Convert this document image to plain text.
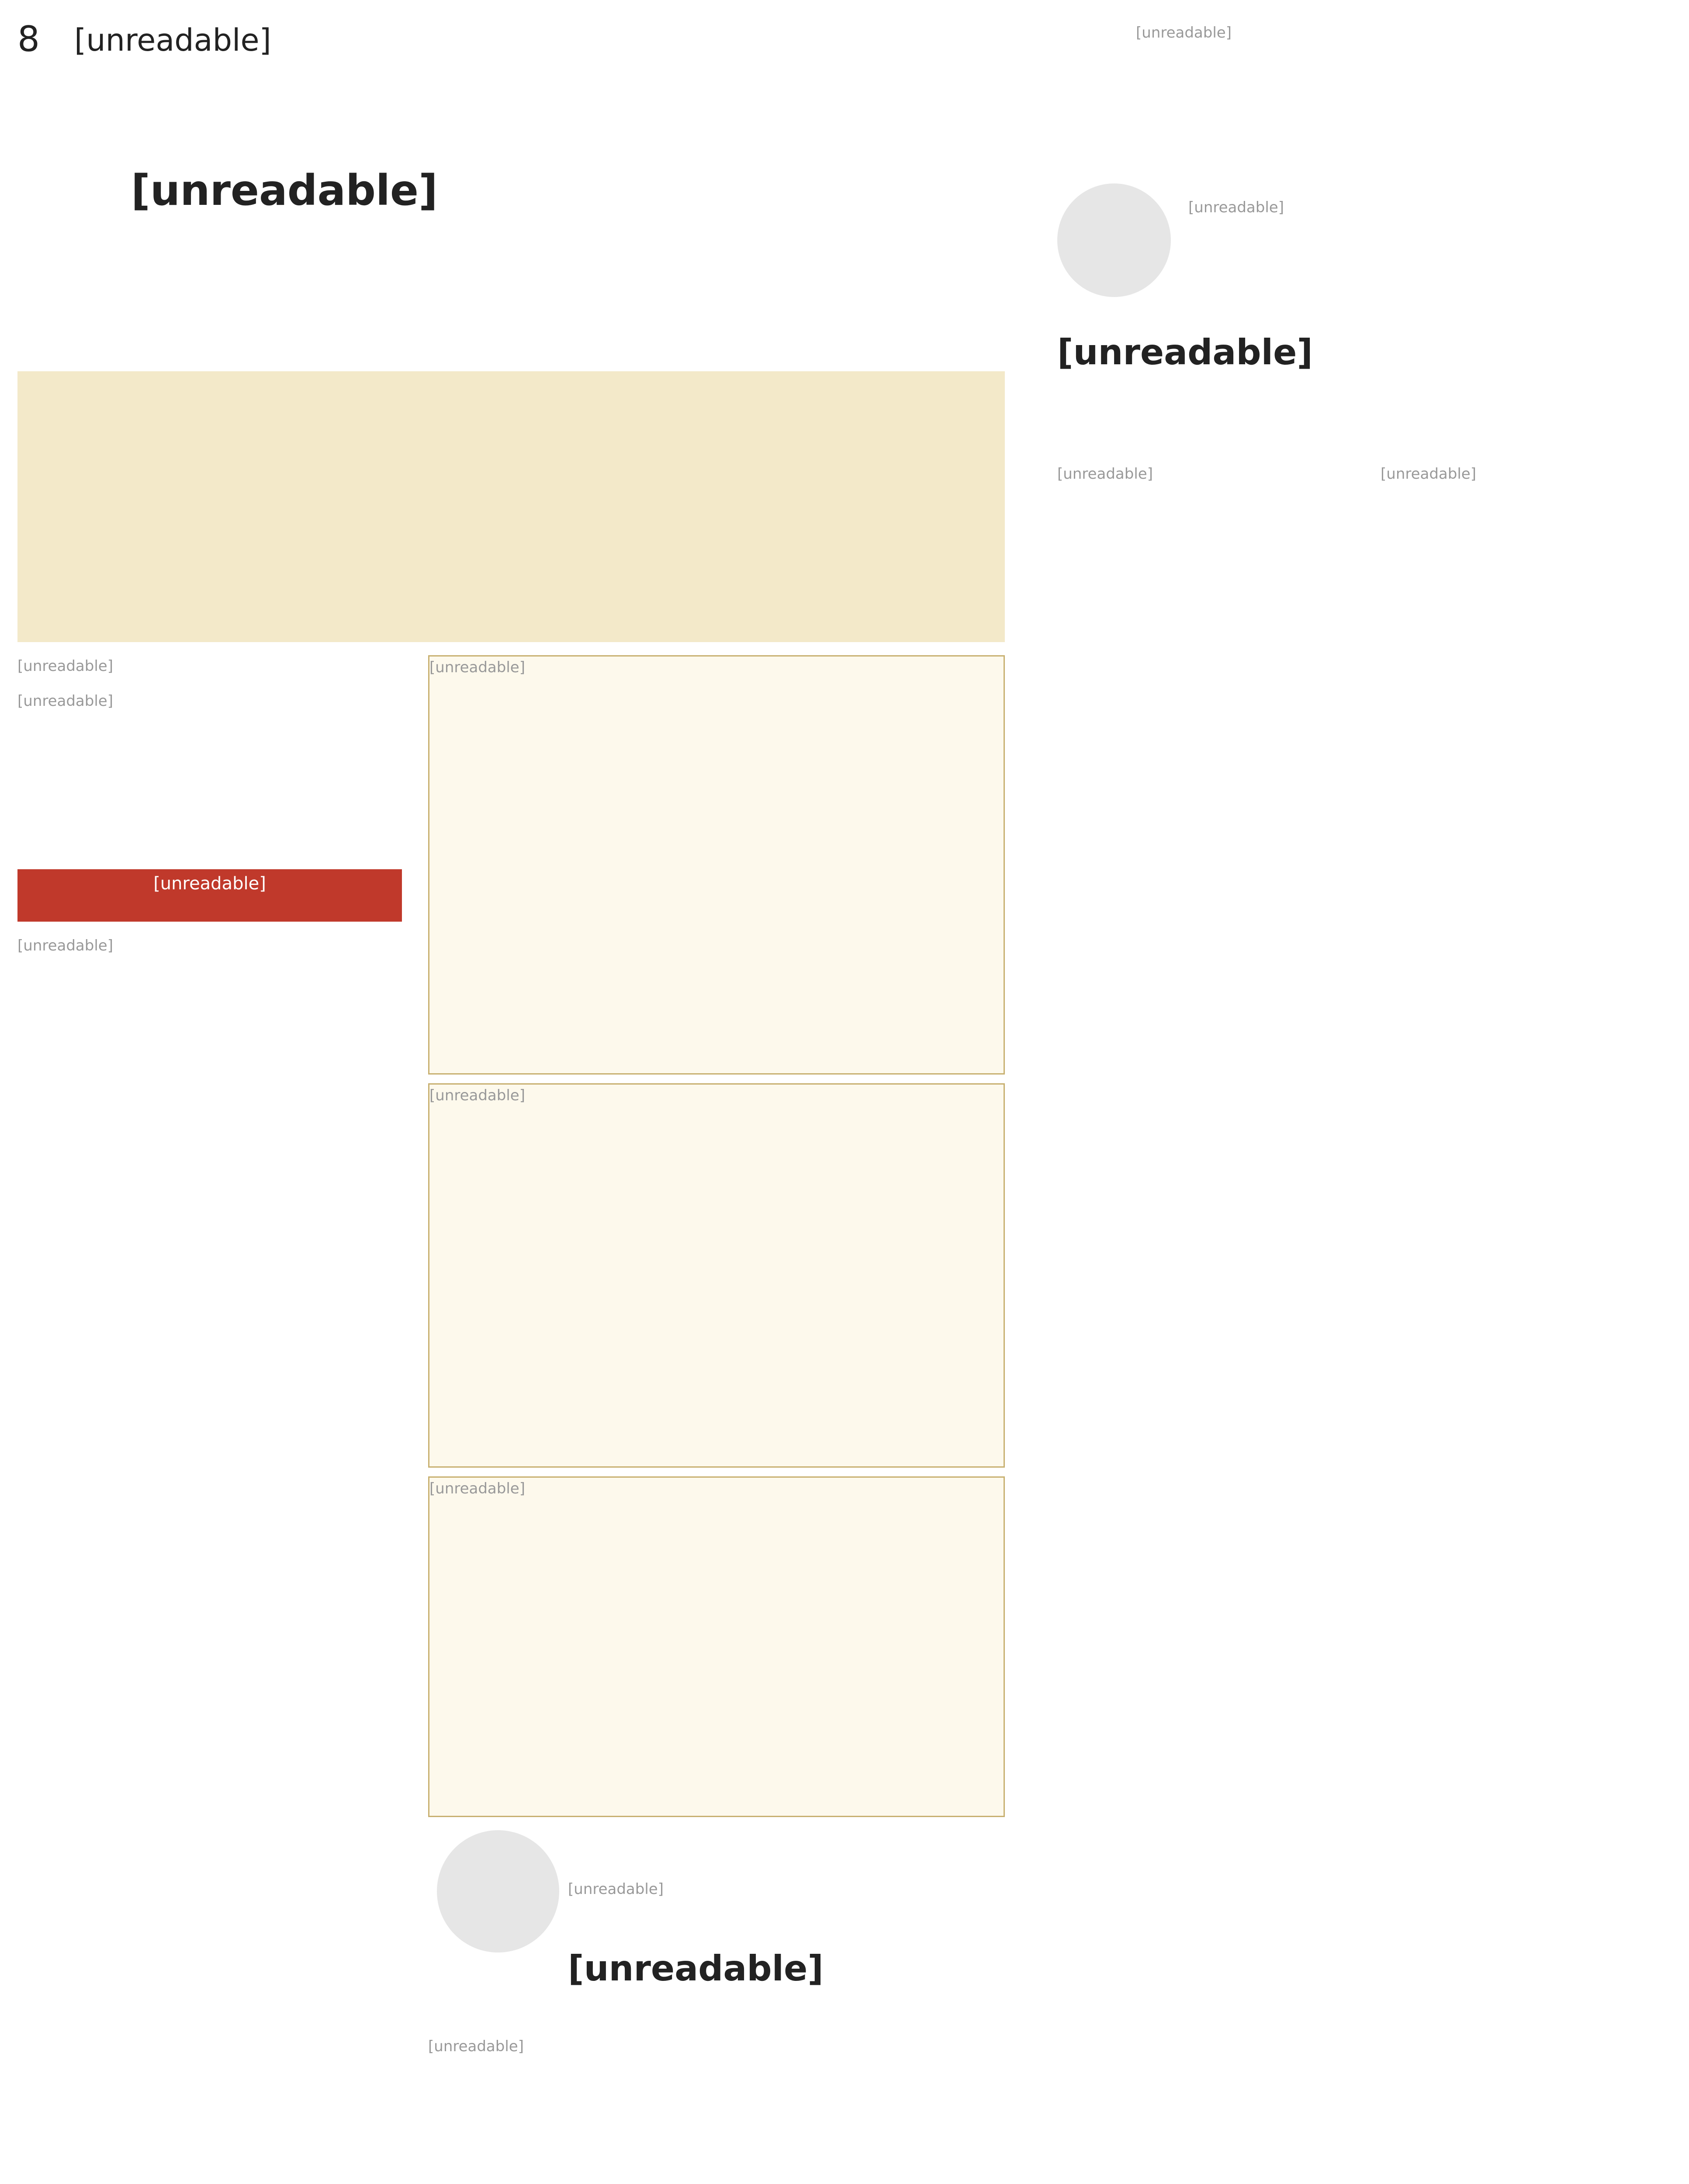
8	[unreadable]	[unreadable]
[unreadable]
[unreadable]
[unreadable]
[unreadable]
[unreadable]
[unreadable]
[unreadable]
[unreadable]
[unreadable]
[unreadable]
[unreadable]	[unreadable]
[unreadable]
[unreadable]
[unreadable]
